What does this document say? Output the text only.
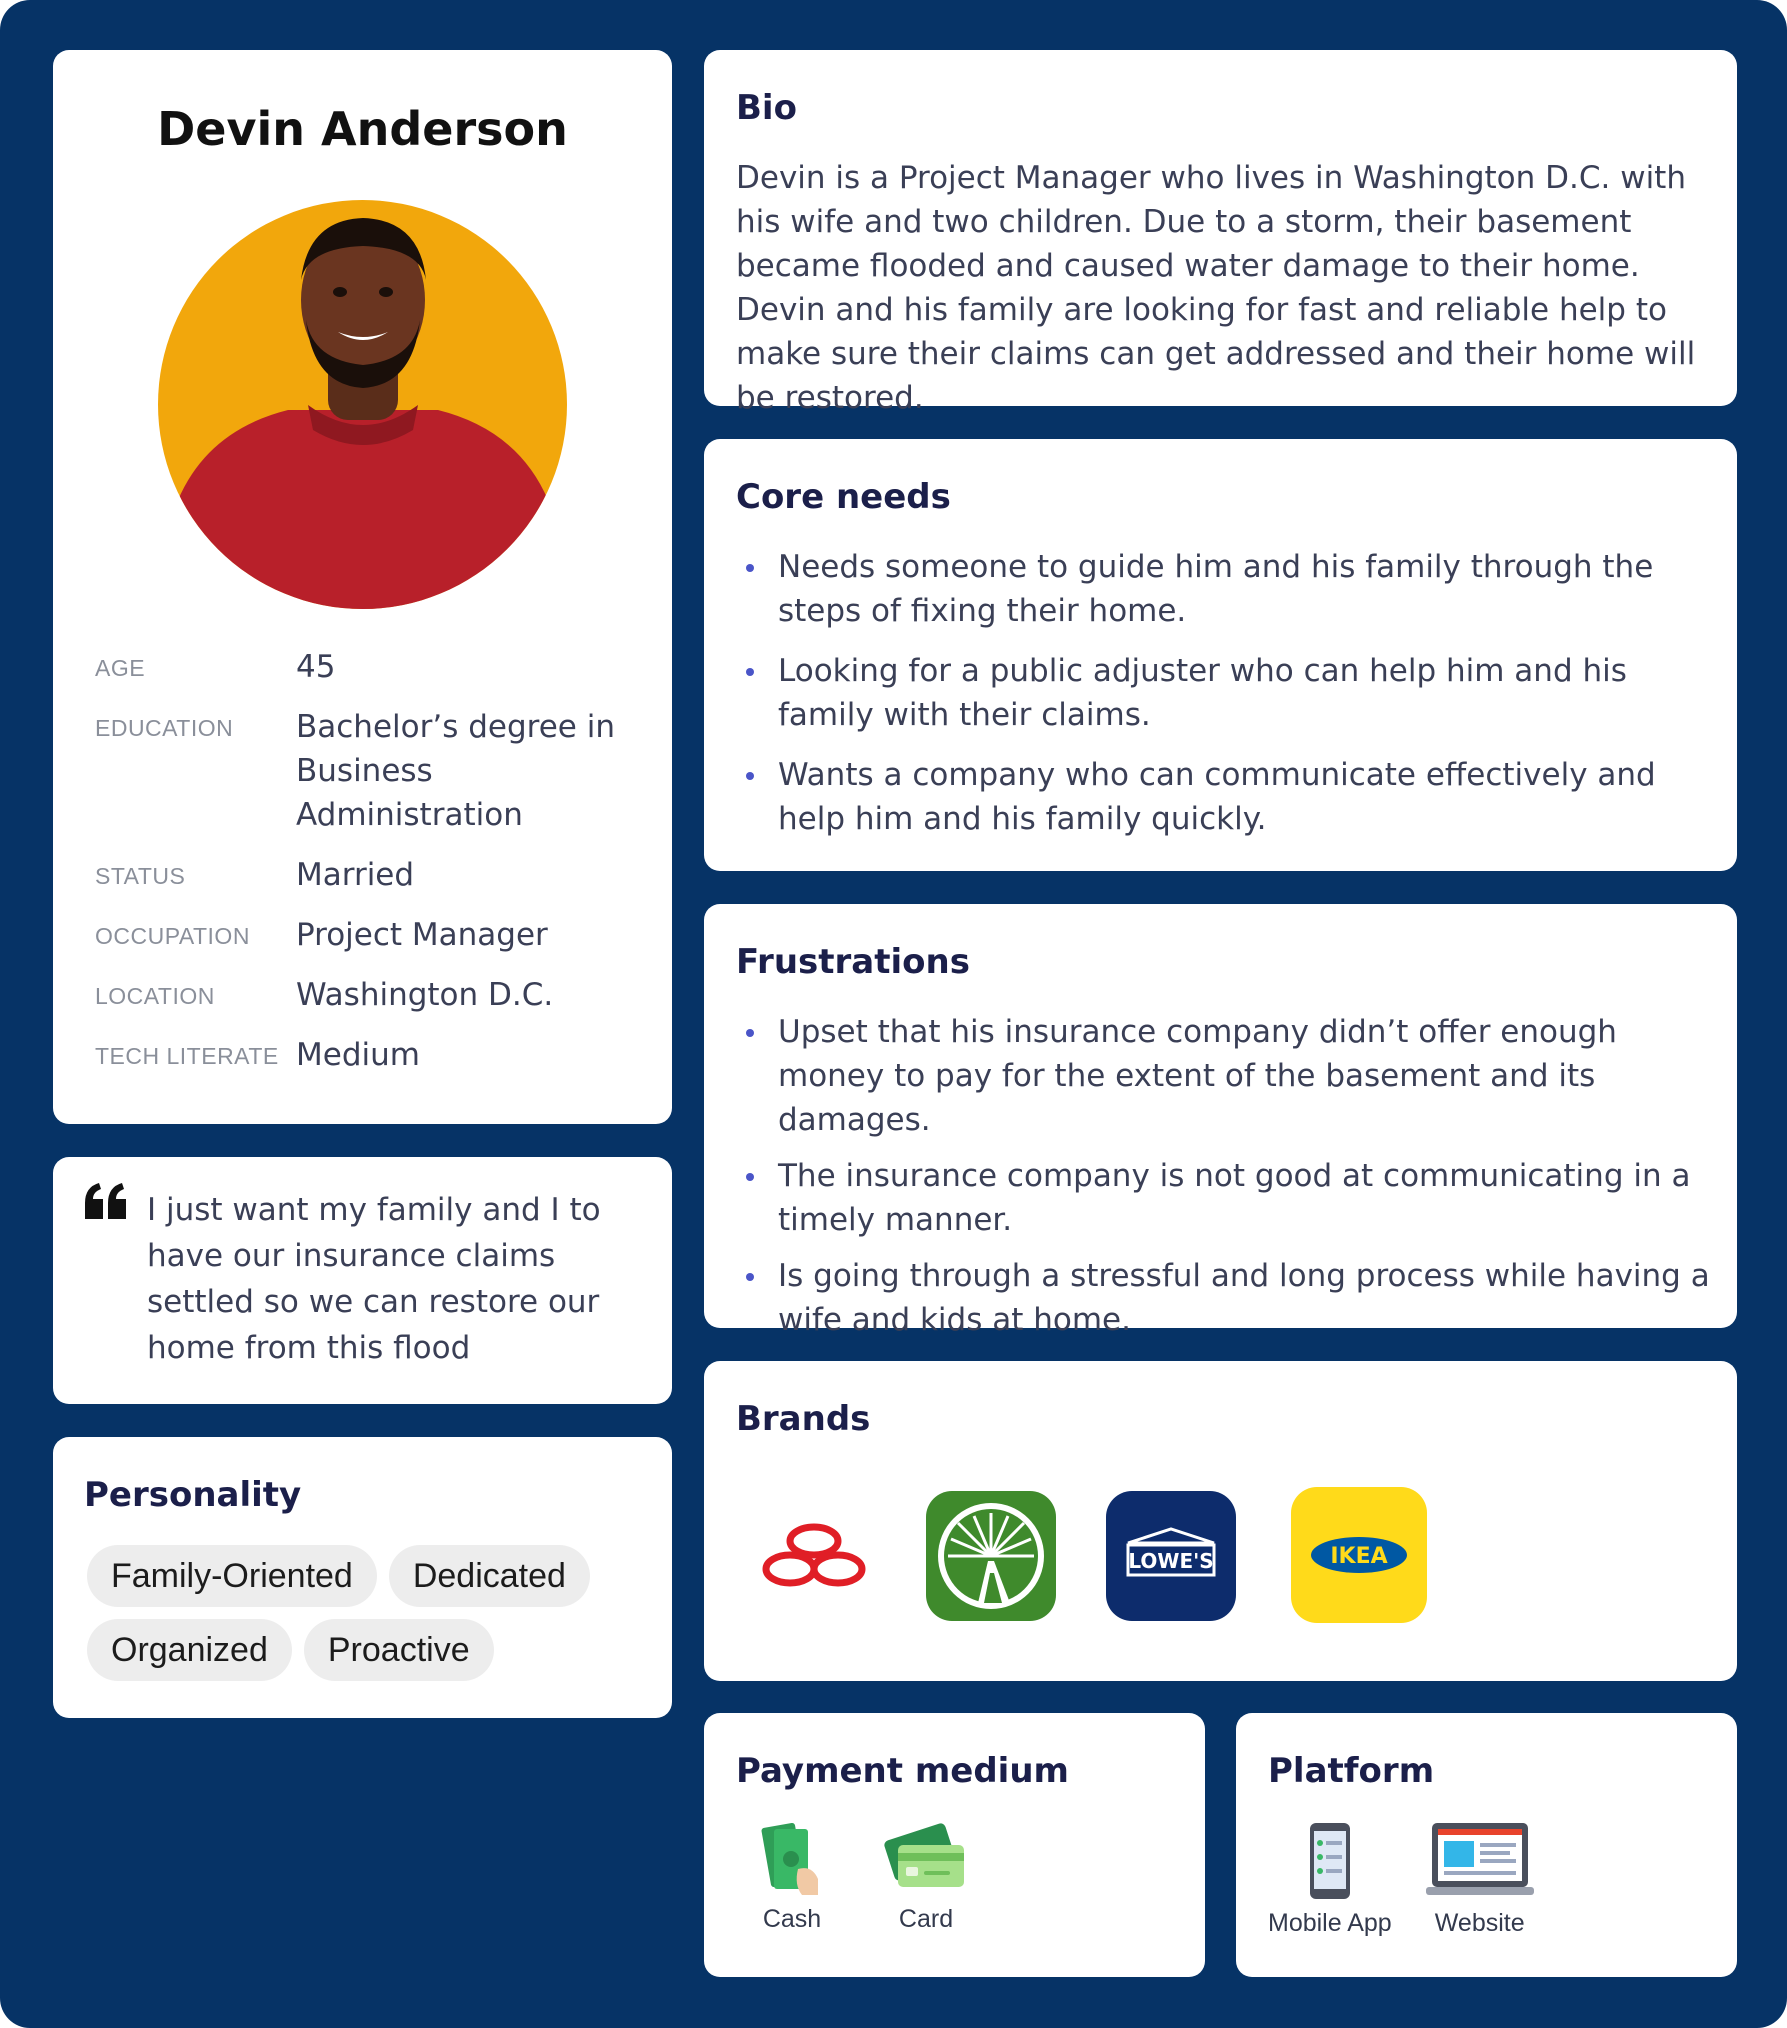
Devin Anderson
AGE	45
EDUCATION	Bachelor’s degree in Business Administration
STATUS	Married
OCCUPATION	Project Manager
LOCATION	Washington D.C.
TECH LITERATE Medium
I just want my family and I to have our insurance claims settled so we can restore our home from this flood
Personality
Family-Oriented	Dedicated
Organized	Proactive
Bio
Devin is a Project Manager who lives in Washington D.C. with his wife and two children. Due to a storm, their basement became flooded and caused water damage to their home. Devin and his family are looking for fast and reliable help to make sure their claims can get addressed and their home will be restored.
Core needs
Needs someone to guide him and his family through the steps of fixing their home.
Looking for a public adjuster who can help him and his family with their claims.
Wants a company who can communicate effectively and help him and his family quickly.
Frustrations
Upset that his insurance company didn’t offer enough money to pay for the extent of the basement and its damages.
The insurance company is not good at communicating in a timely manner.
Is going through a stressful and long process while having a wife and kids at home.
Brands
LOWE'S	IKEA
Payment medium
Cash	Card
Platform
Mobile App Website
